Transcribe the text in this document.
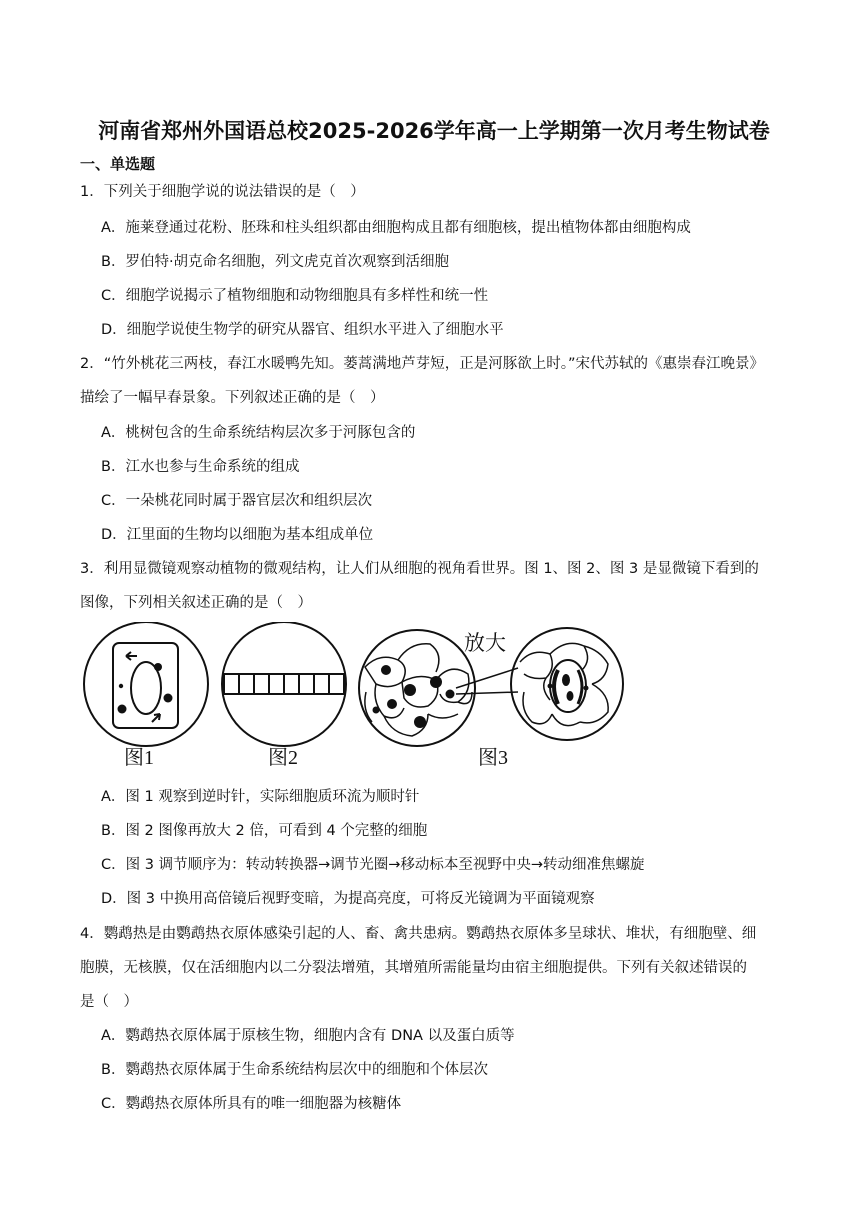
河南省郑州外国语总校2025-2026学年高一上学期第一次月考生物试卷
一、单选题
1．下列关于细胞学说的说法错误的是（　）
A．施莱登通过花粉、胚珠和柱头组织都由细胞构成且都有细胞核，提出植物体都由细胞构成
B．罗伯特·胡克命名细胞，列文虎克首次观察到活细胞
C．细胞学说揭示了植物细胞和动物细胞具有多样性和统一性
D．细胞学说使生物学的研究从器官、组织水平进入了细胞水平
2．“竹外桃花三两枝，春江水暖鸭先知。蒌蒿满地芦芽短，正是河豚欲上时。”宋代苏轼的《惠崇春江晚景》
描绘了一幅早春景象。下列叙述正确的是（　）
A．桃树包含的生命系统结构层次多于河豚包含的
B．江水也参与生命系统的组成
C．一朵桃花同时属于器官层次和组织层次
D．江里面的生物均以细胞为基本组成单位
3．利用显微镜观察动植物的微观结构，让人们从细胞的视角看世界。图 1、图 2、图 3 是显微镜下看到的
图像，下列相关叙述正确的是（　）
放大
图1	图2	图3
A．图 1 观察到逆时针，实际细胞质环流为顺时针
B．图 2 图像再放大 2 倍，可看到 4 个完整的细胞
C．图 3 调节顺序为：转动转换器→调节光圈→移动标本至视野中央→转动细准焦螺旋
D．图 3 中换用高倍镜后视野变暗，为提高亮度，可将反光镜调为平面镜观察
4．鹦鹉热是由鹦鹉热衣原体感染引起的人、畜、禽共患病。鹦鹉热衣原体多呈球状、堆状，有细胞壁、细
胞膜，无核膜，仅在活细胞内以二分裂法增殖，其增殖所需能量均由宿主细胞提供。下列有关叙述错误的
是（　）
A．鹦鹉热衣原体属于原核生物，细胞内含有 DNA 以及蛋白质等
B．鹦鹉热衣原体属于生命系统结构层次中的细胞和个体层次
C．鹦鹉热衣原体所具有的唯一细胞器为核糖体
